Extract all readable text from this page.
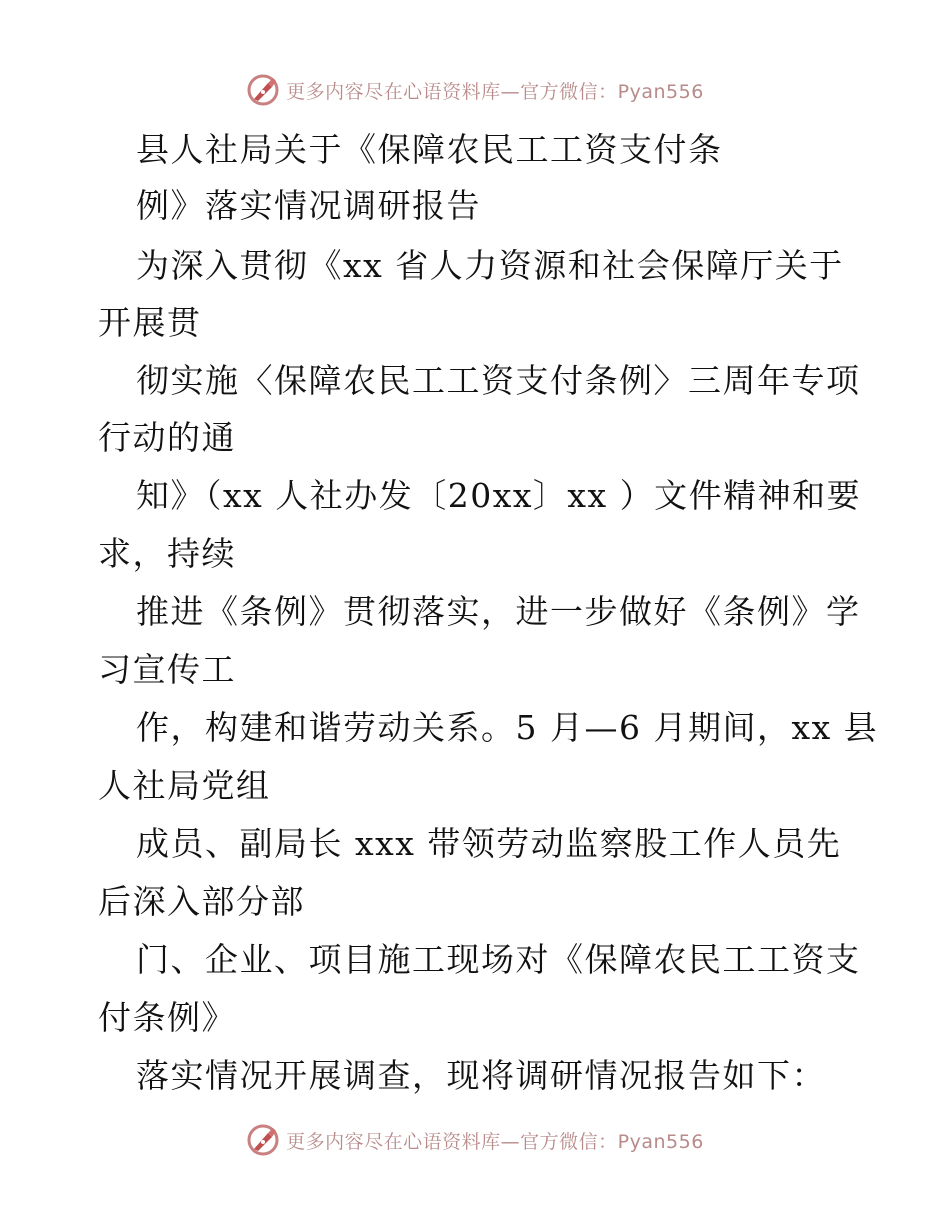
更多内容尽在心语资料库—官方微信：Pyan556
县人社局关于《保障农民工工资支付条
例》落实情况调研报告
为深入贯彻《xx 省人力资源和社会保障厅关于
开展贯
彻实施〈保障农民工工资支付条例〉三周年专项
行动的通
知》（xx 人社办发〔20xx〕xx ）文件精神和要
求，持续
推进《条例》贯彻落实，进一步做好《条例》学
习宣传工
作，构建和谐劳动关系。5 月—6 月期间，xx 县
人社局党组
成员、副局长 xxx 带领劳动监察股工作人员先
后深入部分部
门、企业、项目施工现场对《保障农民工工资支
付条例》
落实情况开展调查，现将调研情况报告如下：
更多内容尽在心语资料库—官方微信：Pyan556
